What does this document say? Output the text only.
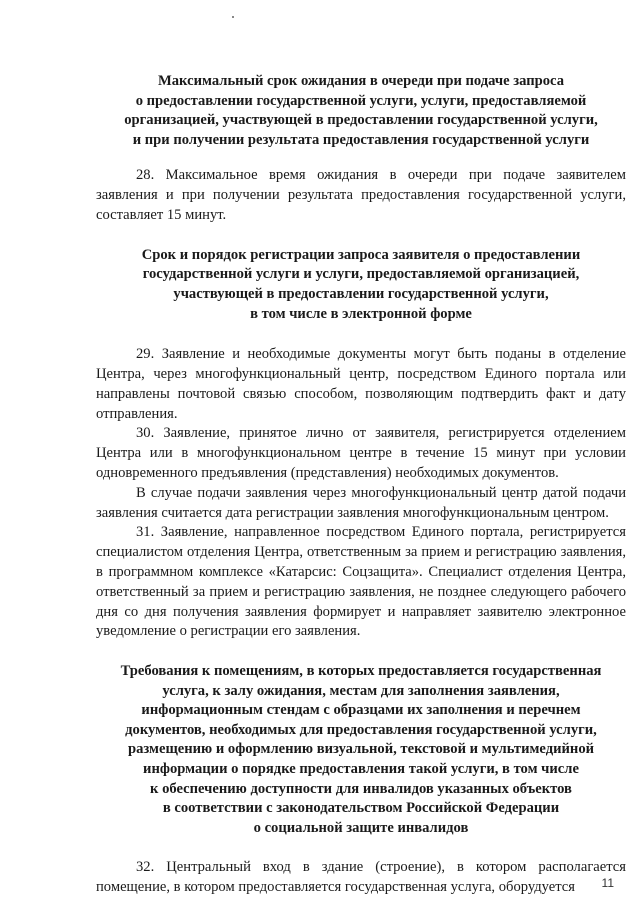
Максимальный срок ожидания в очереди при подаче запроса
о предоставлении государственной услуги, услуги, предоставляемой
организацией, участвующей в предоставлении государственной услуги,
и при получении результата предоставления государственной услуги

28. Максимальное время ожидания в очереди при подаче заявителем заявления и при получении результата предоставления государственной услуги, составляет 15 минут.

Срок и порядок регистрации запроса заявителя о предоставлении
государственной услуги и услуги, предоставляемой организацией,
участвующей в предоставлении государственной услуги,
в том числе в электронной форме

29. Заявление и необходимые документы могут быть поданы в отделение Центра, через многофункциональный центр, посредством Единого портала или направлены почтовой связью способом, позволяющим подтвердить факт и дату отправления.

30. Заявление, принятое лично от заявителя, регистрируется отделением Центра или в многофункциональном центре в течение 15 минут при условии одновременного предъявления (представления) необходимых документов.

В случае подачи заявления через многофункциональный центр датой подачи заявления считается дата регистрации заявления многофункциональным центром.

31. Заявление, направленное посредством Единого портала, регистрируется специалистом отделения Центра, ответственным за прием и регистрацию заявления, в программном комплексе «Катарсис: Соцзащита». Специалист отделения Центра, ответственный за прием и регистрацию заявления, не позднее следующего рабочего дня со дня получения заявления формирует и направляет заявителю электронное уведомление о регистрации его заявления.

Требования к помещениям, в которых предоставляется государственная
услуга, к залу ожидания, местам для заполнения заявления,
информационным стендам с образцами их заполнения и перечнем
документов, необходимых для предоставления государственной услуги,
размещению и оформлению визуальной, текстовой и мультимедийной
информации о порядке предоставления такой услуги, в том числе
к обеспечению доступности для инвалидов указанных объектов
в соответствии с законодательством Российской Федерации
о социальной защите инвалидов

32. Центральный вход в здание (строение), в котором располагается помещение, в котором предоставляется государственная услуга, оборудуется	11
